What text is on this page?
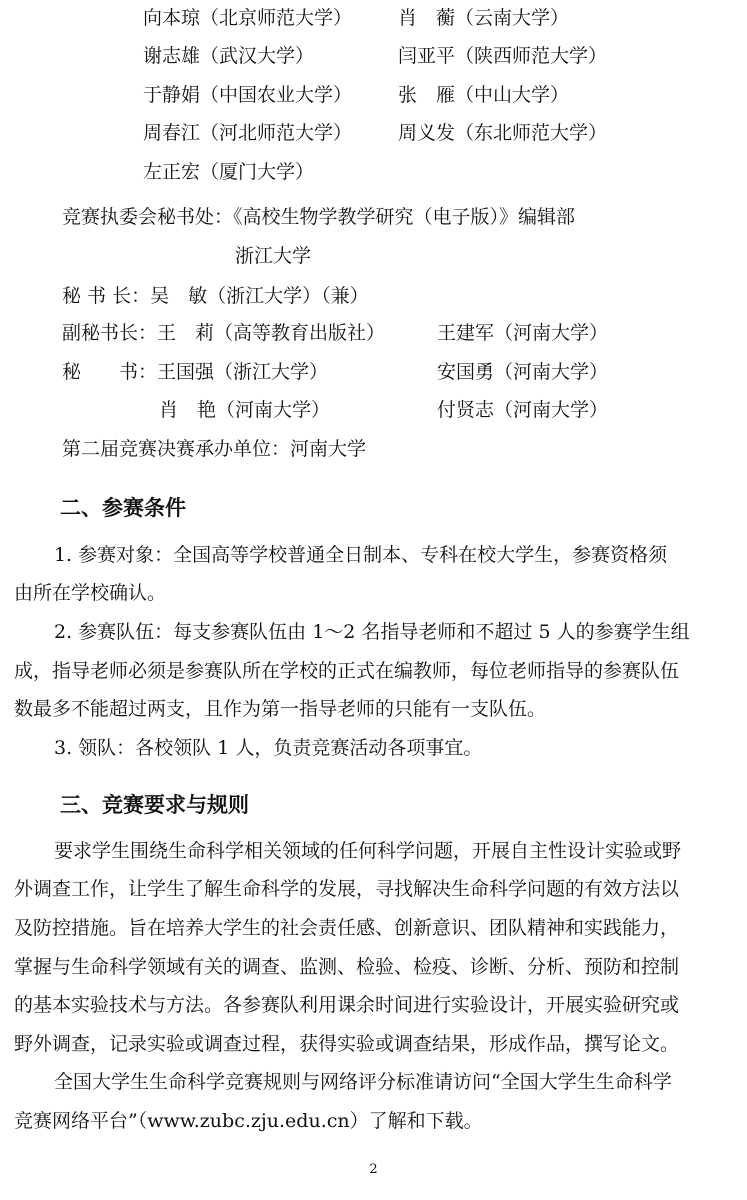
向本琼（北京师范大学） 肖　蘅（云南大学）
谢志雄（武汉大学）	闫亚平（陕西师范大学）
于静娟（中国农业大学） 张　雁（中山大学）
周春江（河北师范大学） 周义发（东北师范大学）
左正宏（厦门大学）
竞赛执委会秘书处：《高校生物学教学研究（电子版）》编辑部
浙江大学
秘 书 长：吴　敏（浙江大学）（兼）
副秘书长：王　莉（高等教育出版社）	王建军（河南大学）
秘　　书：王国强（浙江大学）	安国勇（河南大学）
肖　艳（河南大学）	付贤志（河南大学）
第二届竞赛决赛承办单位：河南大学
二、参赛条件
1. 参赛对象：全国高等学校普通全日制本、专科在校大学生，参赛资格须
由所在学校确认。
2. 参赛队伍：每支参赛队伍由 1～2 名指导老师和不超过 5 人的参赛学生组
成，指导老师必须是参赛队所在学校的正式在编教师，每位老师指导的参赛队伍
数最多不能超过两支，且作为第一指导老师的只能有一支队伍。
3. 领队：各校领队 1 人，负责竞赛活动各项事宜。
三、竞赛要求与规则
要求学生围绕生命科学相关领域的任何科学问题，开展自主性设计实验或野
外调查工作，让学生了解生命科学的发展，寻找解决生命科学问题的有效方法以
及防控措施。旨在培养大学生的社会责任感、创新意识、团队精神和实践能力，
掌握与生命科学领域有关的调查、监测、检验、检疫、诊断、分析、预防和控制
的基本实验技术与方法。各参赛队利用课余时间进行实验设计，开展实验研究或
野外调查，记录实验或调查过程，获得实验或调查结果，形成作品，撰写论文。
全国大学生生命科学竞赛规则与网络评分标准请访问“全国大学生生命科学
竞赛网络平台”（www.zubc.zju.edu.cn）了解和下载。
2
